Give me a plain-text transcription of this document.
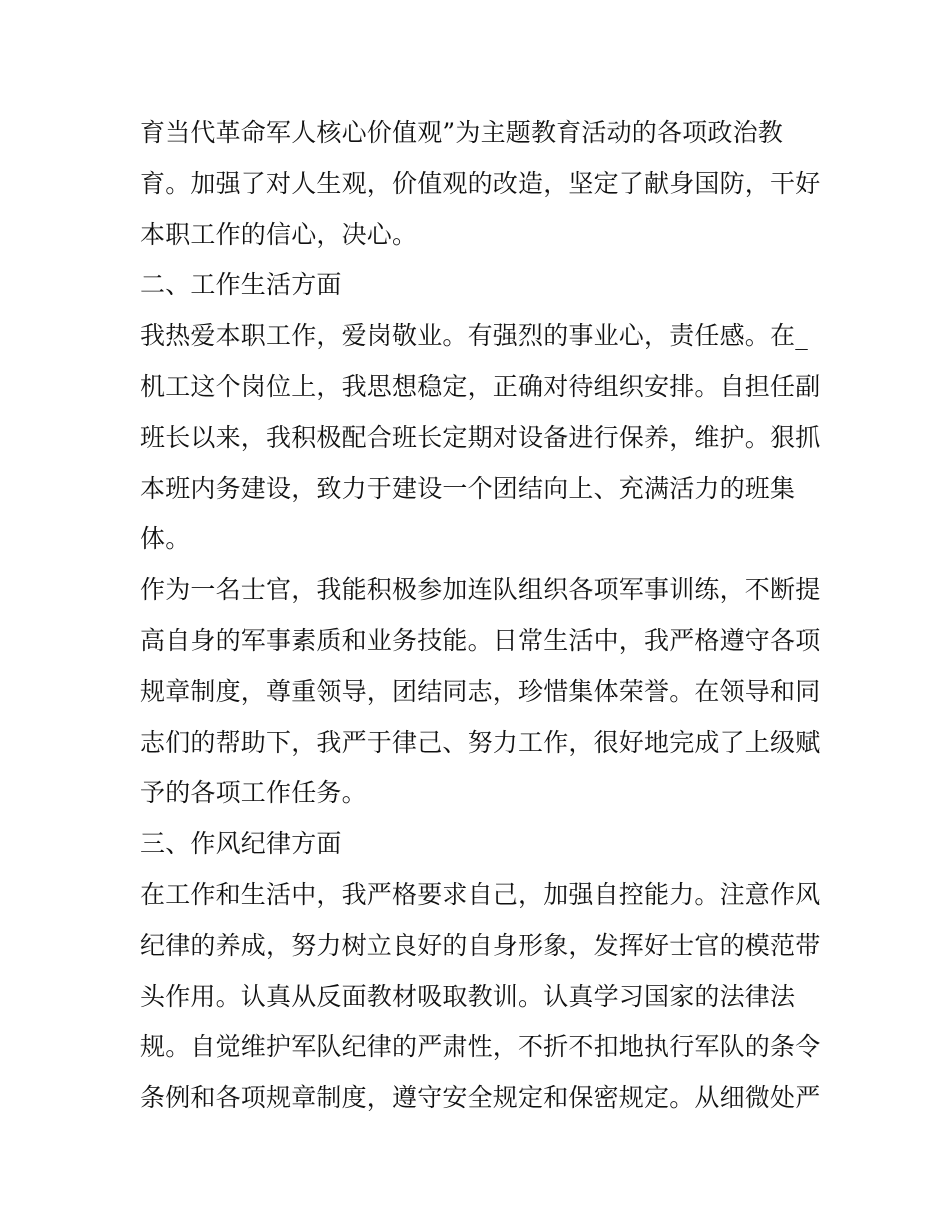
育当代革命军人核心价值观”为主题教育活动的各项政治教
育。加强了对人生观，价值观的改造，坚定了献身国防，干好
本职工作的信心，决心。
二、工作生活方面
我热爱本职工作，爱岗敬业。有强烈的事业心，责任感。在_
机工这个岗位上，我思想稳定，正确对待组织安排。自担任副
班长以来，我积极配合班长定期对设备进行保养，维护。狠抓
本班内务建设，致力于建设一个团结向上、充满活力的班集
体。
作为一名士官，我能积极参加连队组织各项军事训练，不断提
高自身的军事素质和业务技能。日常生活中，我严格遵守各项
规章制度，尊重领导，团结同志，珍惜集体荣誉。在领导和同
志们的帮助下，我严于律己、努力工作，很好地完成了上级赋
予的各项工作任务。
三、作风纪律方面
在工作和生活中，我严格要求自己，加强自控能力。注意作风
纪律的养成，努力树立良好的自身形象，发挥好士官的模范带
头作用。认真从反面教材吸取教训。认真学习国家的法律法
规。自觉维护军队纪律的严肃性，不折不扣地执行军队的条令
条例和各项规章制度，遵守安全规定和保密规定。从细微处严
